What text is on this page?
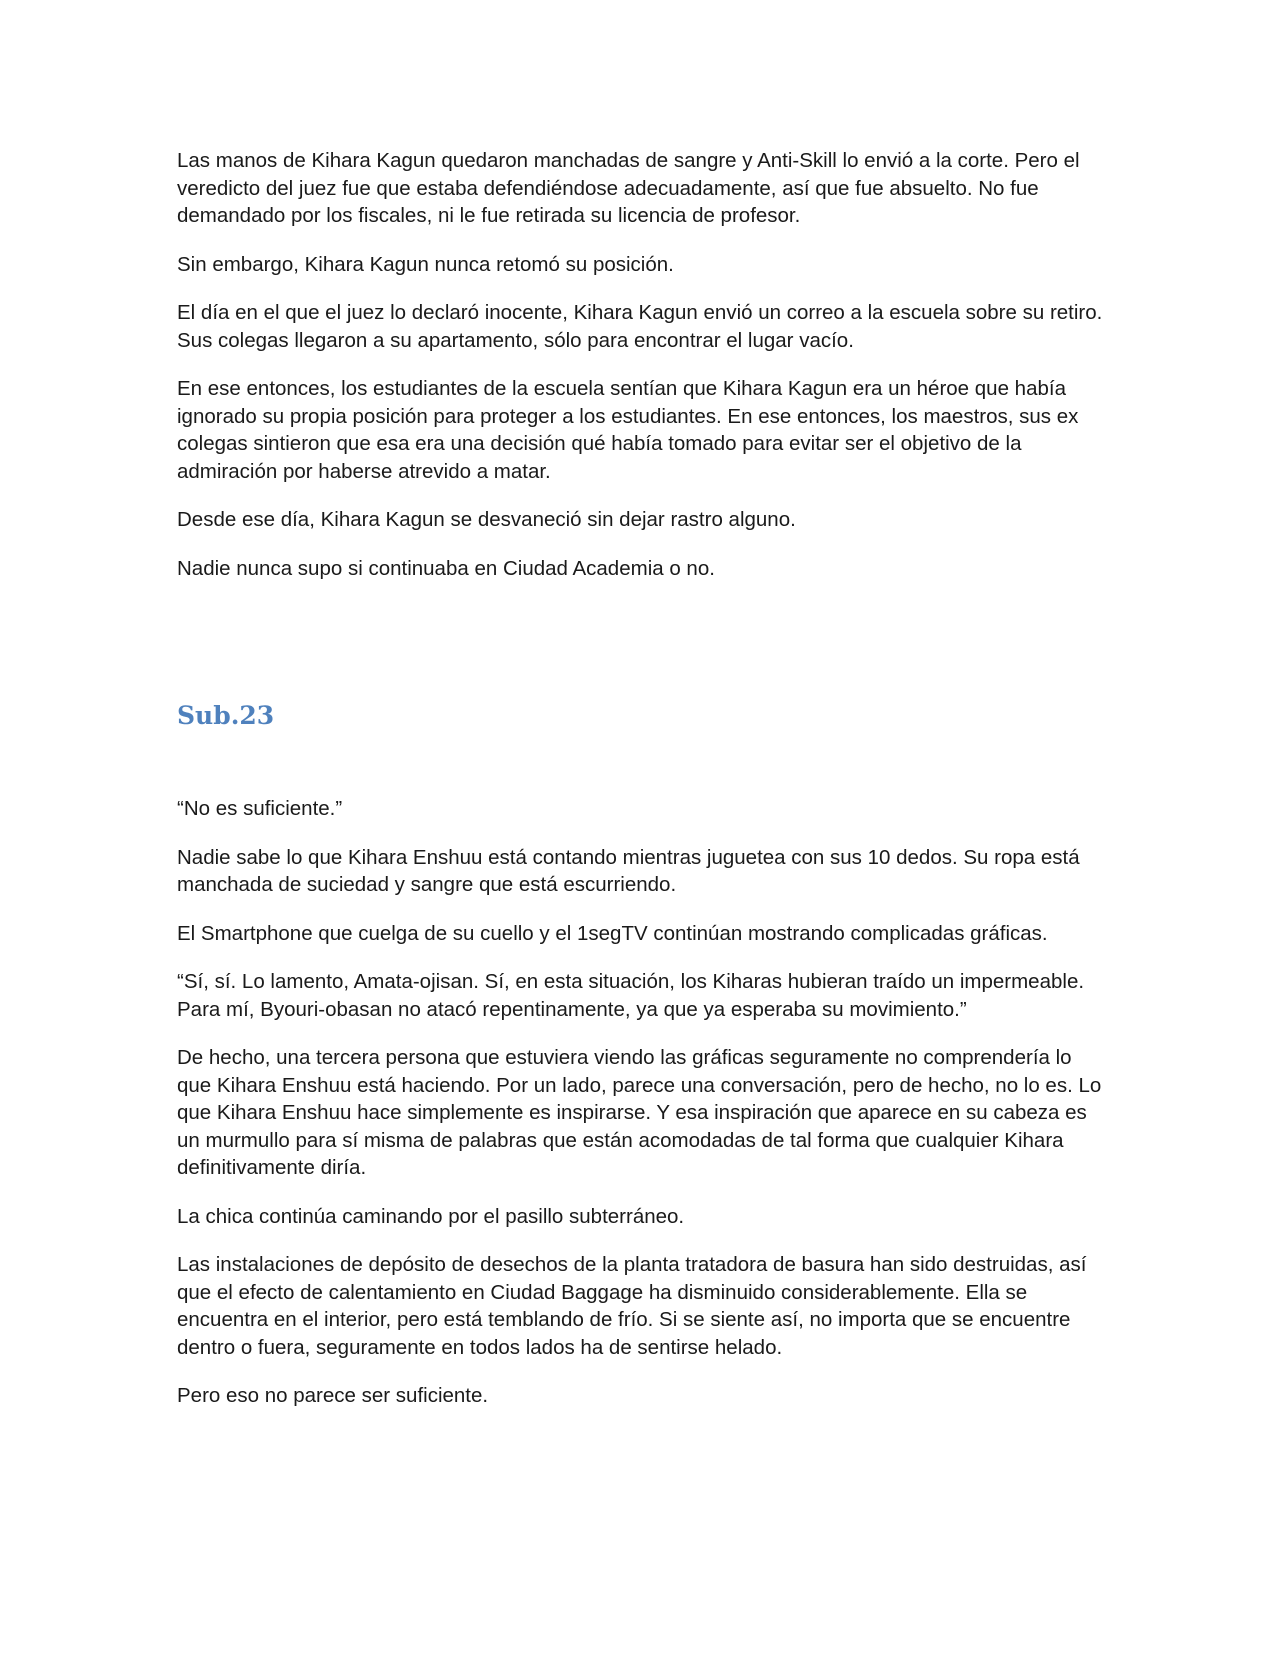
Las manos de Kihara Kagun quedaron manchadas de sangre y Anti-Skill lo envió a la corte. Pero el veredicto del juez fue que estaba defendiéndose adecuadamente, así que fue absuelto. No fue demandado por los fiscales, ni le fue retirada su licencia de profesor.

Sin embargo, Kihara Kagun nunca retomó su posición.

El día en el que el juez lo declaró inocente, Kihara Kagun envió un correo a la escuela sobre su retiro. Sus colegas llegaron a su apartamento, sólo para encontrar el lugar vacío.

En ese entonces, los estudiantes de la escuela sentían que Kihara Kagun era un héroe que había ignorado su propia posición para proteger a los estudiantes. En ese entonces, los maestros, sus ex colegas sintieron que esa era una decisión qué había tomado para evitar ser el objetivo de la admiración por haberse atrevido a matar.

Desde ese día, Kihara Kagun se desvaneció sin dejar rastro alguno.

Nadie nunca supo si continuaba en Ciudad Academia o no.

Sub.23

“No es suficiente.”

Nadie sabe lo que Kihara Enshuu está contando mientras juguetea con sus 10 dedos. Su ropa está manchada de suciedad y sangre que está escurriendo.

El Smartphone que cuelga de su cuello y el 1segTV continúan mostrando complicadas gráficas.

“Sí, sí. Lo lamento, Amata-ojisan. Sí, en esta situación, los Kiharas hubieran traído un impermeable. Para mí, Byouri-obasan no atacó repentinamente, ya que ya esperaba su movimiento.”

De hecho, una tercera persona que estuviera viendo las gráficas seguramente no comprendería lo que Kihara Enshuu está haciendo. Por un lado, parece una conversación, pero de hecho, no lo es. Lo que Kihara Enshuu hace simplemente es inspirarse. Y esa inspiración que aparece en su cabeza es un murmullo para sí misma de palabras que están acomodadas de tal forma que cualquier Kihara definitivamente diría.

La chica continúa caminando por el pasillo subterráneo.

Las instalaciones de depósito de desechos de la planta tratadora de basura han sido destruidas, así que el efecto de calentamiento en Ciudad Baggage ha disminuido considerablemente. Ella se encuentra en el interior, pero está temblando de frío. Si se siente así, no importa que se encuentre dentro o fuera, seguramente en todos lados ha de sentirse helado.

Pero eso no parece ser suficiente.
